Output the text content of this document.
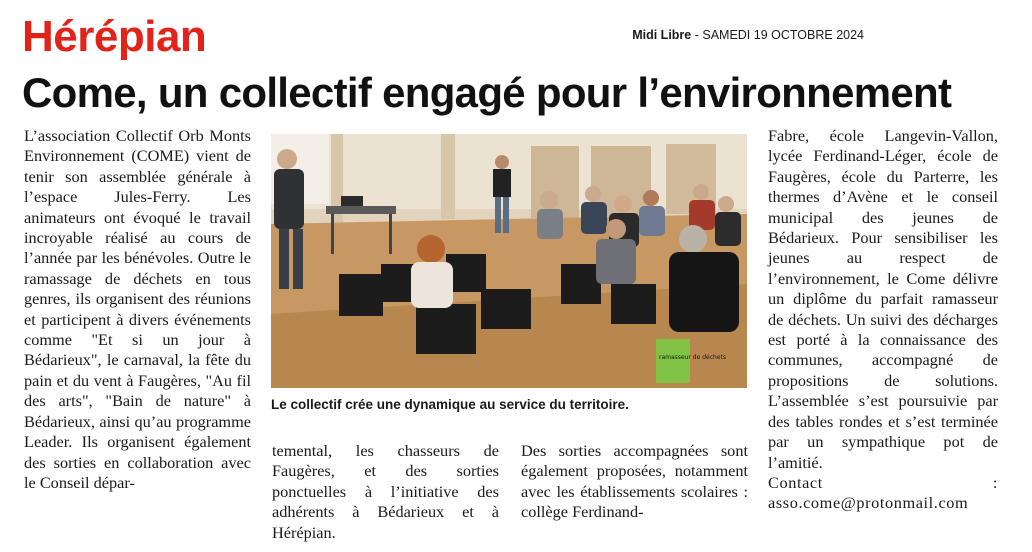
Hérépian	Midi Libre - SAMEDI 19 OCTOBRE 2024
Come, un collectif engagé pour l’environnement

L’association Collectif Orb Monts Environnement (COME) vient de tenir son assemblée générale à l’espace Jules-Ferry. Les animateurs ont évoqué le travail incroyable réalisé au cours de l’année par les bénévoles. Outre le ramassage de déchets en tous genres, ils organisent des réunions et participent à divers événements comme "Et si un jour à Bédarieux", le carnaval, la fête du pain et du vent à Faugères, "Au fil des arts", "Bain de nature" à Bédarieux, ainsi qu’au programme Leader. Ils organisent également des sorties en collaboration avec le Conseil dépar-

ramasseur de déchets
Le collectif crée une dynamique au service du territoire.

temental, les chasseurs de Faugères, et des sorties ponctuelles à l’initiative des adhérents à Bédarieux et à Hérépian.

Des sorties accompagnées sont également proposées, notamment avec les établissements scolaires : collège Ferdinand-

Fabre, école Langevin-Vallon, lycée Ferdinand-Léger, école de Faugères, école du Parterre, les thermes d’Avène et le conseil municipal des jeunes de Bédarieux. Pour sensibiliser les jeunes au respect de l’environnement, le Come délivre un diplôme du parfait ramasseur de déchets. Un suivi des décharges est porté à la connaissance des communes, accompagné de propositions de solutions. L’assemblée s’est poursuivie par des tables rondes et s’est terminée par un sympathique pot de l’amitié.

Contact : asso.come@protonmail.com
